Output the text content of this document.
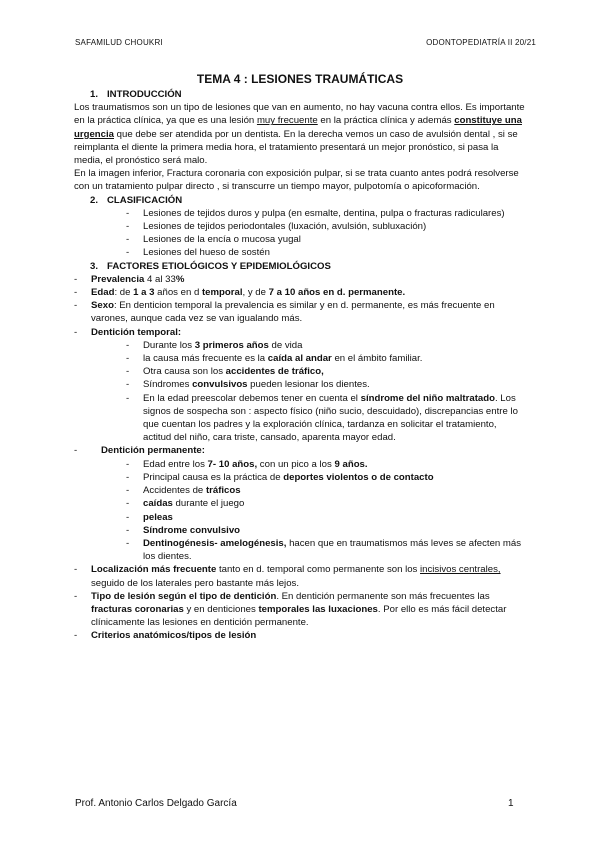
SAFAMILUD CHOUKRI	ODONTOPEDIATRÍA II 20/21
TEMA 4 : LESIONES TRAUMÁTICAS
1. INTRODUCCIÓN

Los traumatismos son un tipo de lesiones que van en aumento, no hay vacuna contra ellos. Es importante en la práctica clínica, ya que es una lesión muy frecuente en la práctica clínica y además constituye una urgencia que debe ser atendida por un dentista. En la derecha vemos un caso de avulsión dental , si se reimplanta el diente la primera media hora, el tratamiento presentará un mejor pronóstico, si pasa la media, el pronóstico será malo.

En la imagen inferior, Fractura coronaria con exposición pulpar, si se trata cuanto antes podrá resolverse con un tratamiento pulpar directo , si transcurre un tiempo mayor, pulpotomía o apicoformación.

2. CLASIFICACIÓN
- Lesiones de tejidos duros y pulpa (en esmalte, dentina, pulpa o fracturas radiculares)
- Lesiones de tejidos periodontales (luxación, avulsión, subluxación)
- Lesiones de la encía o mucosa yugal
- Lesiones del hueso de sostén
3. FACTORES ETIOLÓGICOS Y EPIDEMIOLÓGICOS
- Prevalencia 4 al 33%
- Edad: de 1 a 3 años en d temporal, y de 7 a 10 años en d. permanente.
- Sexo: En denticion temporal la prevalencia es similar y en d. permanente, es más frecuente en varones, aunque cada vez se van igualando más.
- Dentición temporal:
- Durante los 3 primeros años de vida
- la causa más frecuente es la caída al andar en el ámbito familiar.
- Otra causa son los accidentes de tráfico,
- Síndromes convulsivos pueden lesionar los dientes.
- En la edad preescolar debemos tener en cuenta el síndrome del niño maltratado. Los signos de sospecha son : aspecto físico (niño sucio, descuidado), discrepancias entre lo que cuentan los padres y la exploración clínica, tardanza en solicitar el tratamiento, actitud del niño, cara triste, cansado, aparenta mayor edad.
- Dentición permanente:
- Edad entre los 7- 10 años, con un pico a los 9 años.
- Principal causa es la práctica de deportes violentos o de contacto
- Accidentes de tráficos
- caídas durante el juego
- peleas
- Síndrome convulsivo
- Dentinogénesis- amelogénesis, hacen que en traumatismos más leves se afecten más los dientes.
- Localización más frecuente tanto en d. temporal como permanente son los incisivos centrales, seguido de los laterales pero bastante más lejos.
- Tipo de lesión según el tipo de dentición. En dentición permanente son más frecuentes las fracturas coronarias y en denticiones temporales las luxaciones. Por ello es más fácil detectar clínicamente las lesiones en dentición permanente.
- Criterios anatómicos/tipos de lesión
Prof. Antonio Carlos Delgado García	1
